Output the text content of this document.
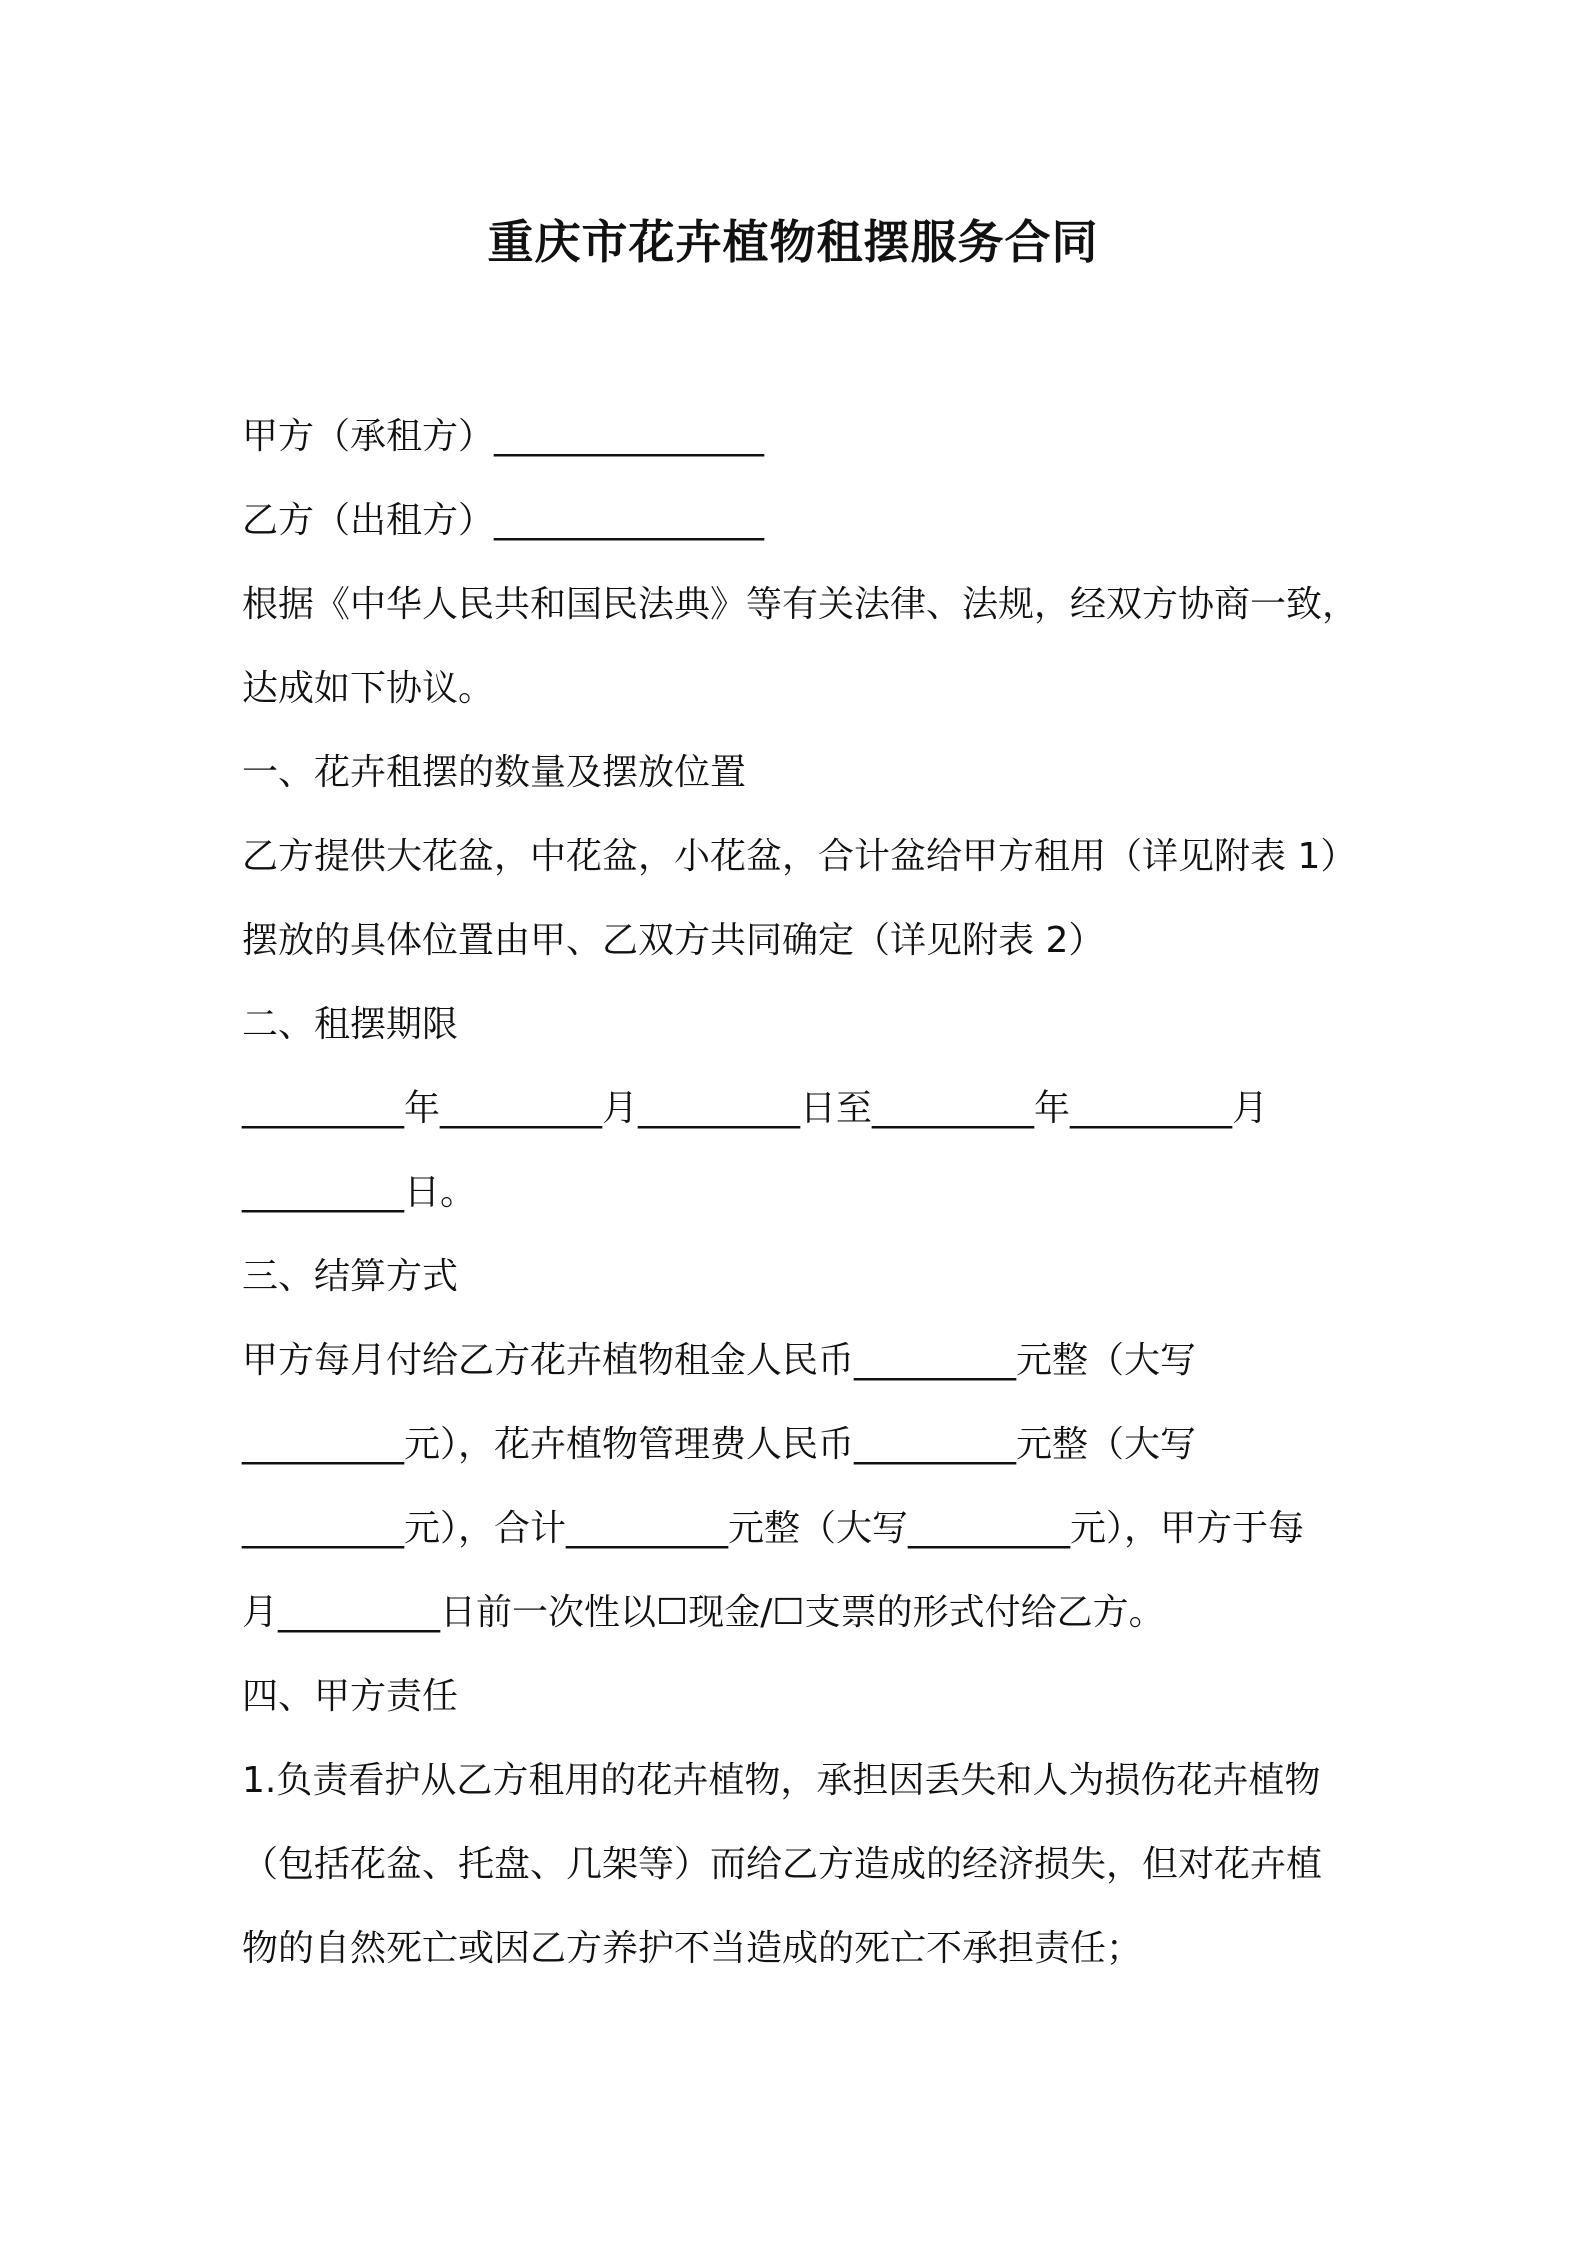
重庆市花卉植物租摆服务合同
甲方（承租方）_______________
乙方（出租方）_______________
根据《中华人民共和国民法典》等有关法律、法规，经双方协商一致，
达成如下协议。
一、花卉租摆的数量及摆放位置
乙方提供大花盆，中花盆，小花盆，合计盆给甲方租用（详见附表 1）
摆放的具体位置由甲、乙双方共同确定（详见附表 2）
二、租摆期限
_________年_________月_________日至_________年_________月
_________日。
三、结算方式
甲方每月付给乙方花卉植物租金人民币_________元整（大写
_________元），花卉植物管理费人民币_________元整（大写
_________元），合计_________元整（大写_________元），甲方于每
月_________日前一次性以☐现金/☐支票的形式付给乙方。
四、甲方责任
1.负责看护从乙方租用的花卉植物，承担因丢失和人为损伤花卉植物
（包括花盆、托盘、几架等）而给乙方造成的经济损失，但对花卉植
物的自然死亡或因乙方养护不当造成的死亡不承担责任；
